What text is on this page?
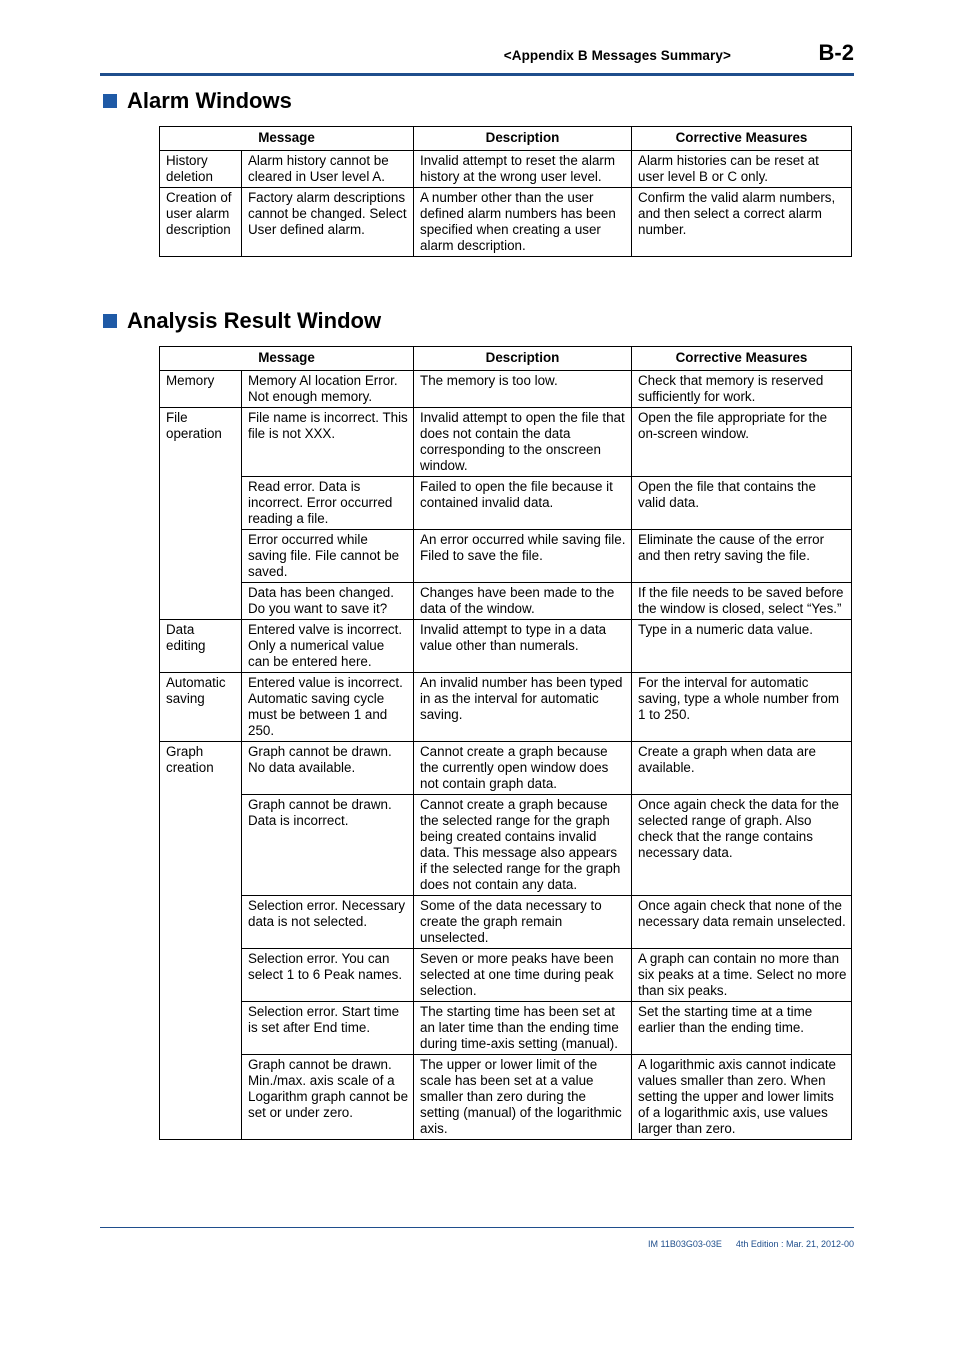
<Appendix B Messages Summary>	B-2
Alarm Windows
Message		Description	Corrective Measures
History deletion	Alarm history cannot be cleared in User level A.	Invalid attempt to reset the alarm history at the wrong user level.	Alarm histories can be reset at user level B or C only.
Creation of user alarm description	Factory alarm descriptions cannot be changed. Select User defined alarm.	A number other than the user defined alarm numbers has been specified when creating a user alarm description.	Confirm the valid alarm numbers, and then select a correct alarm number.
Analysis Result Window
Message		Description	Corrective Measures
Memory	Memory Al location Error. Not enough memory.	The memory is too low.	Check that memory is reserved sufficiently for work.
File operation	File name is incorrect. This file is not XXX.	Invalid attempt to open the file that does not contain the data corresponding to the onscreen window.	Open the file appropriate for the on-screen window.
	Read error. Data is incorrect. Error occurred reading a file.	Failed to open the file because it contained invalid data.	Open the file that contains the valid data.
	Error occurred while saving file. File cannot be saved.	An error occurred while saving file. Filed to save the file.	Eliminate the cause of the error and then retry saving the file.
	Data has been changed. Do you want to save it?	Changes have been made to the data of the window.	If the file needs to be saved before the window is closed, select “Yes.”
Data editing	Entered valve is incorrect. Only a numerical value can be entered here.	Invalid attempt to type in a data value other than numerals.	Type in a numeric data value.
Automatic saving	Entered value is incorrect. Automatic saving cycle must be between 1 and 250.	An invalid number has been typed in as the interval for automatic saving.	For the interval for automatic saving, type a whole number from 1 to 250.
Graph creation	Graph cannot be drawn. No data available.	Cannot create a graph because the currently open window does not contain graph data.	Create a graph when data are available.
	Graph cannot be drawn. Data is incorrect.	Cannot create a graph because the selected range for the graph being created contains invalid data. This message also appears if the selected range for the graph does not contain any data.	Once again check the data for the selected range of graph. Also check that the range contains necessary data.
	Selection error. Necessary data is not selected.	Some of the data necessary to create the graph remain unselected.	Once again check that none of the necessary data remain unselected.
	Selection error. You can select 1 to 6 Peak names.	Seven or more peaks have been selected at one time during peak selection.	A graph can contain no more than six peaks at a time. Select no more than six peaks.
	Selection error. Start time is set after End time.	The starting time has been set at an later time than the ending time during time-axis setting (manual).	Set the starting time at a time earlier than the ending time.
	Graph cannot be drawn. Min./max. axis scale of a Logarithm graph cannot be set or under zero.	The upper or lower limit of the scale has been set at a value smaller than zero during the setting (manual) of the logarithmic axis.	A logarithmic axis cannot indicate values smaller than zero. When setting the upper and lower limits of a logarithmic axis, use values larger than zero.
IM 11B03G03-03E 4th Edition : Mar. 21, 2012-00
